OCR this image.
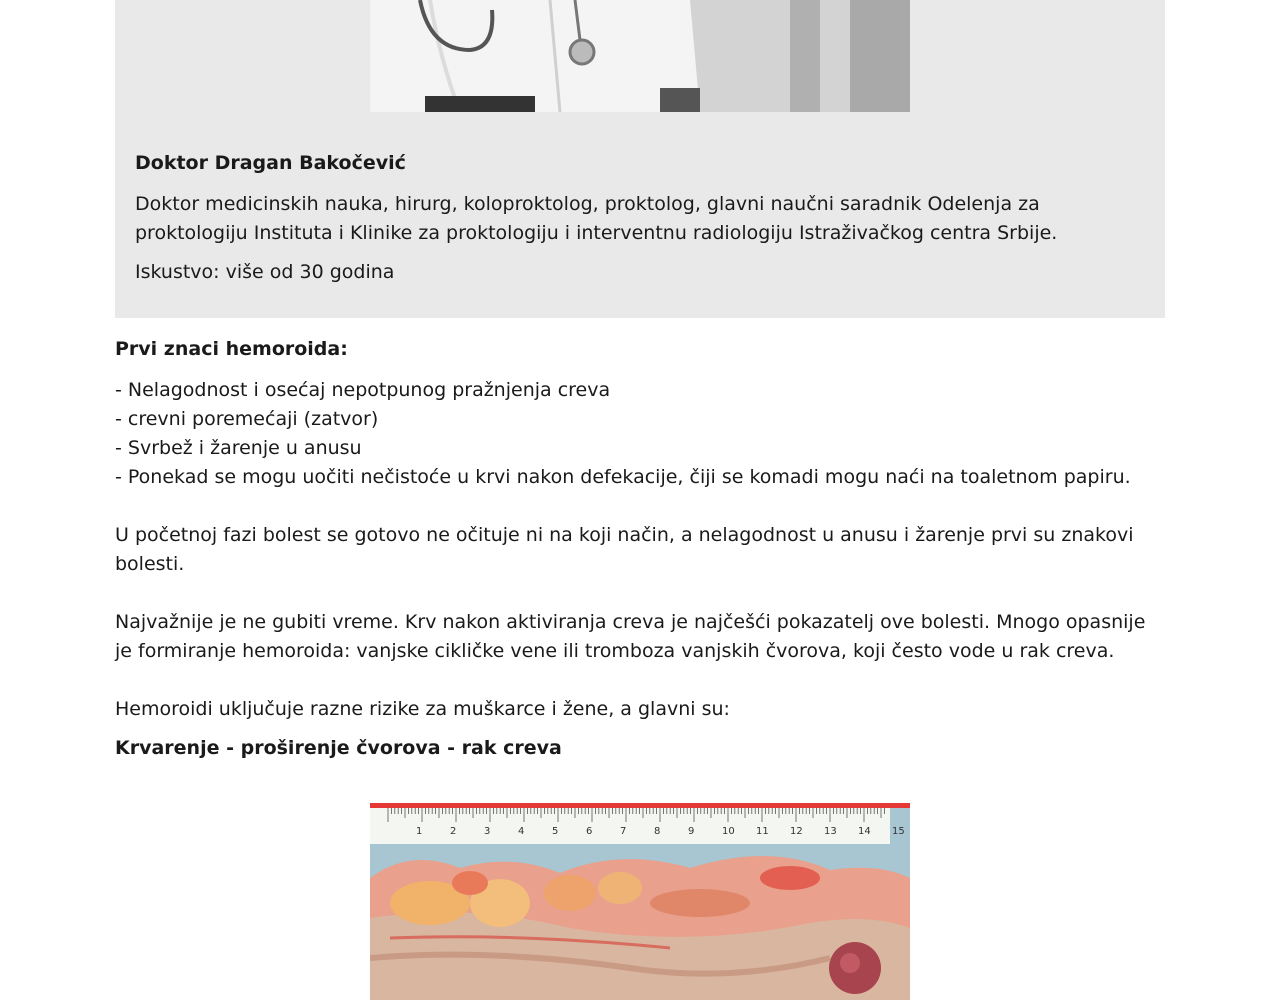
Doktor Dragan Bakočević

Doktor medicinskih nauka, hirurg, koloproktolog, proktolog, glavni naučni saradnik Odelenja za proktologiju Instituta i Klinike za proktologiju i interventnu radiologiju Istraživačkog centra Srbije.

Iskustvo: više od 30 godina

Prvi znaci hemoroida:

- Nelagodnost i osećaj nepotpunog pražnjenja creva
- crevni poremećaji (zatvor)
- Svrbež i žarenje u anusu
- Ponekad se mogu uočiti nečistoće u krvi nakon defekacije, čiji se komadi mogu naći na toaletnom papiru.

U početnoj fazi bolest se gotovo ne očituje ni na koji način, a nelagodnost u anusu i žarenje prvi su znakovi bolesti.

Najvažnije je ne gubiti vreme. Krv nakon aktiviranja creva je najčešći pokazatelj ove bolesti. Mnogo opasnije je formiranje hemoroida: vanjske cikličke vene ili tromboza vanjskih čvorova, koji često vode u rak creva.

Hemoroidi uključuje razne rizike za muškarce i žene, a glavni su:

Krvarenje - proširenje čvorova - rak creva

1	2	3	4	5	6	7	8	9	10 11 12 13 14 15
